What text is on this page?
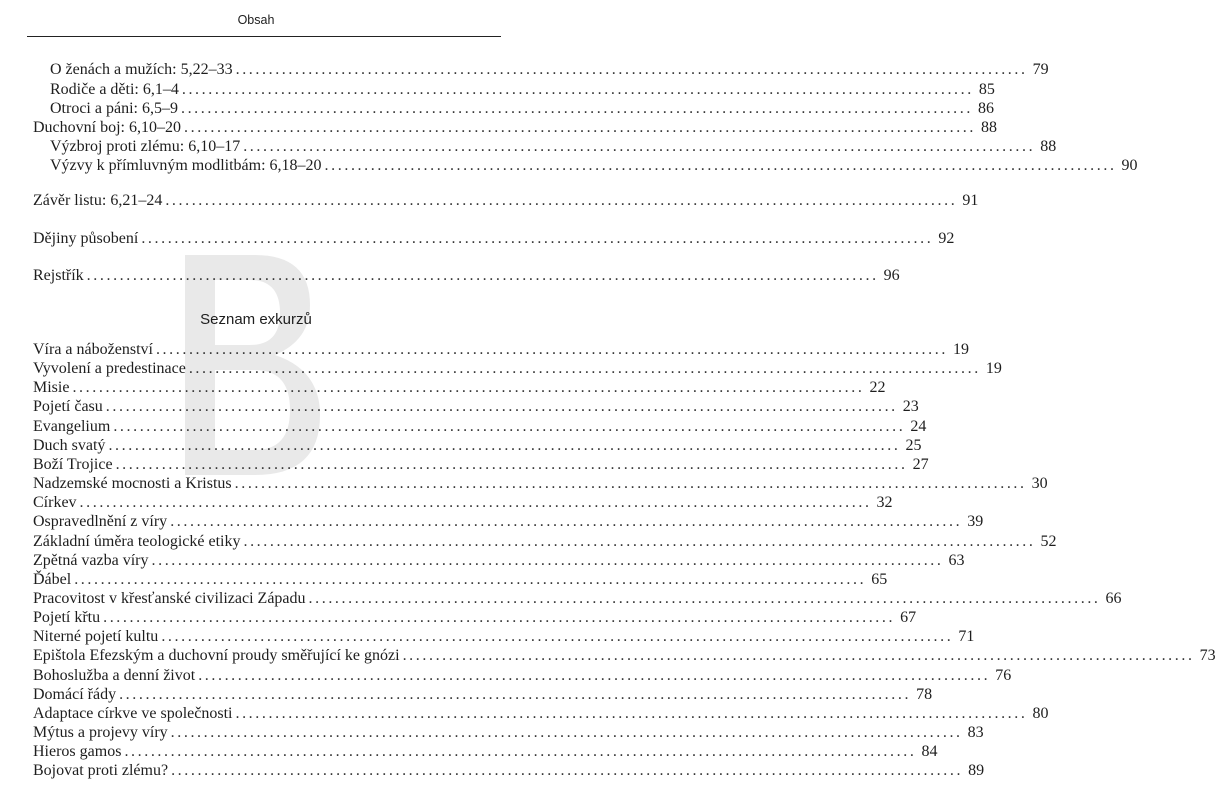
Obsah
O ženách a mužích: 5,22–33 ........................................................................................................................ 79
Rodiče a děti: 6,1–4 ........................................................................................................................ 85
Otroci a páni: 6,5–9 ........................................................................................................................ 86
Duchovní boj: 6,10–20 ........................................................................................................................ 88
Výzbroj proti zlému: 6,10–17 ........................................................................................................................ 88
Výzvy k přímluvným modlitbám: 6,18–20 ........................................................................................................................ 90
Závěr listu: 6,21–24 ........................................................................................................................ 91
Dějiny působení ........................................................................................................................ 92
Rejstřík ........................................................................................................................ 96
Seznam exkurzů
Víra a náboženství ........................................................................................................................ 19
Vyvolení a predestinace ........................................................................................................................ 19
Misie ........................................................................................................................ 22
Pojetí času ........................................................................................................................ 23
Evangelium ........................................................................................................................ 24
Duch svatý ........................................................................................................................ 25
Boží Trojice ........................................................................................................................ 27
Nadzemské mocnosti a Kristus ........................................................................................................................ 30
Církev ........................................................................................................................ 32
Ospravedlnění z víry ........................................................................................................................ 39
Základní úměra teologické etiky ........................................................................................................................ 52
Zpětná vazba víry ........................................................................................................................ 63
Ďábel ........................................................................................................................ 65
Pracovitost v křesťanské civilizaci Západu ........................................................................................................................ 66
Pojetí křtu ........................................................................................................................ 67
Niterné pojetí kultu ........................................................................................................................ 71
Epištola Efezským a duchovní proudy směřující ke gnózi ........................................................................................................................ 73
Bohoslužba a denní život ........................................................................................................................ 76
Domácí řády ........................................................................................................................ 78
Adaptace církve ve společnosti ........................................................................................................................ 80
Mýtus a projevy víry ........................................................................................................................ 83
Hieros gamos ........................................................................................................................ 84
Bojovat proti zlému? ........................................................................................................................ 89
